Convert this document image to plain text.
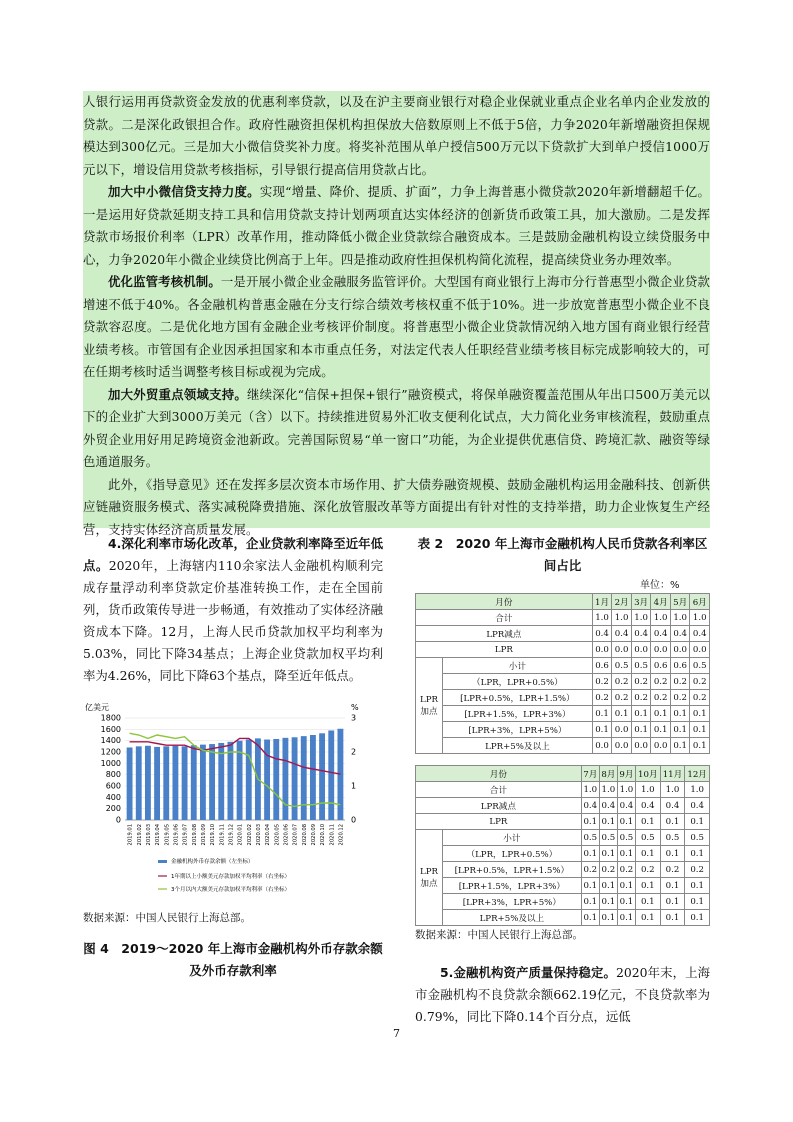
人银行运用再贷款资金发放的优惠利率贷款，以及在沪主要商业银行对稳企业保就业重点企业名单内企业发放的贷款。二是深化政银担合作。政府性融资担保机构担保放大倍数原则上不低于5倍，力争2020年新增融资担保规模达到300亿元。三是加大小微信贷奖补力度。将奖补范围从单户授信500万元以下贷款扩大到单户授信1000万元以下，增设信用贷款考核指标，引导银行提高信用贷款占比。

加大中小微信贷支持力度。实现“增量、降价、提质、扩面”，力争上海普惠小微贷款2020年新增翻超千亿。一是运用好贷款延期支持工具和信用贷款支持计划两项直达实体经济的创新货币政策工具，加大激励。二是发挥贷款市场报价利率（LPR）改革作用，推动降低小微企业贷款综合融资成本。三是鼓励金融机构设立续贷服务中心，力争2020年小微企业续贷比例高于上年。四是推动政府性担保机构简化流程，提高续贷业务办理效率。

优化监管考核机制。一是开展小微企业金融服务监管评价。大型国有商业银行上海市分行普惠型小微企业贷款增速不低于40%。各金融机构普惠金融在分支行综合绩效考核权重不低于10%。进一步放宽普惠型小微企业不良贷款容忍度。二是优化地方国有金融企业考核评价制度。将普惠型小微企业贷款情况纳入地方国有商业银行经营业绩考核。市管国有企业因承担国家和本市重点任务，对法定代表人任职经营业绩考核目标完成影响较大的，可在任期考核时适当调整考核目标或视为完成。

加大外贸重点领域支持。继续深化“信保+担保+银行”融资模式，将保单融资覆盖范围从年出口500万美元以下的企业扩大到3000万美元（含）以下。持续推进贸易外汇收支便利化试点，大力简化业务审核流程，鼓励重点外贸企业用好用足跨境资金池新政。完善国际贸易“单一窗口”功能，为企业提供优惠信贷、跨境汇款、融资等绿色通道服务。

此外，《指导意见》还在发挥多层次资本市场作用、扩大债券融资规模、鼓励金融机构运用金融科技、创新供应链融资服务模式、落实减税降费措施、深化放管服改革等方面提出有针对性的支持举措，助力企业恢复生产经营，支持实体经济高质量发展。

4.深化利率市场化改革，企业贷款利率降至近年低点。2020年，上海辖内110余家法人金融机构顺利完成存量浮动利率贷款定价基准转换工作，走在全国前列，货币政策传导进一步畅通，有效推动了实体经济融资成本下降。12月，上海人民币贷款加权平均利率为5.03%，同比下降34基点；上海企业贷款加权平均利率为4.26%，同比下降63个基点，降至近年低点。
亿美元	%
0
200
400
600
800
1000
1200
1400
1600
1800
0
1
2
3
2019.01 2019.02 2019.03 2019.04 2019.05 2019.06 2019.07 2019.08 2019.09 2019.10 2019.11 2019.12 2020.01 2020.02 2020.03 2020.04 2020.05 2020.06 2020.07 2020.08 2020.09 2020.10 2020.11 2020.12
金融机构外币存款余额（左坐标）
1年期以上小额美元存款加权平均利率（右坐标）
3个月以内大额美元存款加权平均利率（右坐标）
数据来源：中国人民银行上海总部。
图 4　2019～2020 年上海市金融机构外币存款余额及外币存款利率
表 2　2020 年上海市金融机构人民币贷款各利率区间占比
单位：%
月份		1月	2月	3月	4月	5月	6月
合计		1.0	1.0	1.0	1.0	1.0	1.0
LPR减点		0.4	0.4	0.4	0.4	0.4	0.4
LPR		0.0	0.0	0.0	0.0	0.0	0.0
LPR加点	小计	0.6	0.5	0.5	0.6	0.6	0.5
	（LPR，LPR+0.5%）	0.2	0.2	0.2	0.2	0.2	0.2
	[LPR+0.5%，LPR+1.5%）	0.2	0.2	0.2	0.2	0.2	0.2
	[LPR+1.5%，LPR+3%）	0.1	0.1	0.1	0.1	0.1	0.1
	[LPR+3%，LPR+5%）	0.1	0.0	0.1	0.1	0.1	0.1
	LPR+5%及以上	0.0	0.0	0.0	0.0	0.1	0.1
月份		7月	8月	9月	10月	11月	12月
合计		1.0	1.0	1.0	1.0	1.0	1.0
LPR减点		0.4	0.4	0.4	0.4	0.4	0.4
LPR		0.1	0.1	0.1	0.1	0.1	0.1
LPR加点	小计	0.5	0.5	0.5	0.5	0.5	0.5
	（LPR，LPR+0.5%）	0.1	0.1	0.1	0.1	0.1	0.1
	[LPR+0.5%，LPR+1.5%）	0.2	0.2	0.2	0.2	0.2	0.2
	[LPR+1.5%，LPR+3%）	0.1	0.1	0.1	0.1	0.1	0.1
	[LPR+3%，LPR+5%）	0.1	0.1	0.1	0.1	0.1	0.1
	LPR+5%及以上	0.1	0.1	0.1	0.1	0.1	0.1
数据来源：中国人民银行上海总部。
5.金融机构资产质量保持稳定。2020年末，上海市金融机构不良贷款余额662.19亿元，不良贷款率为0.79%，同比下降0.14个百分点，远低
7
